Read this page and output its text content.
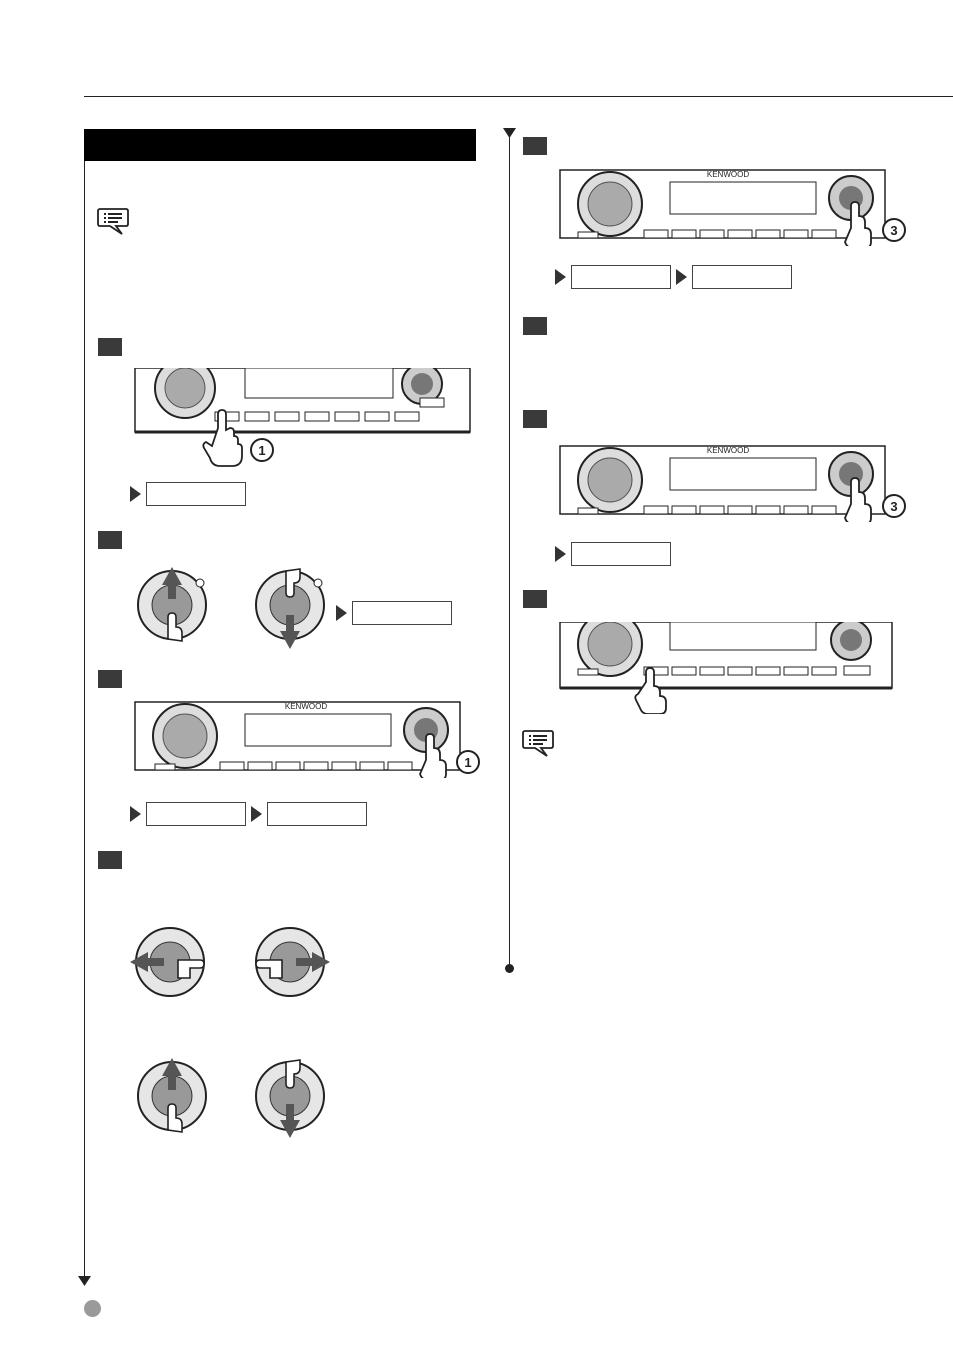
1
KENWOOD
1
KENWOOD
3
KENWOOD
3
